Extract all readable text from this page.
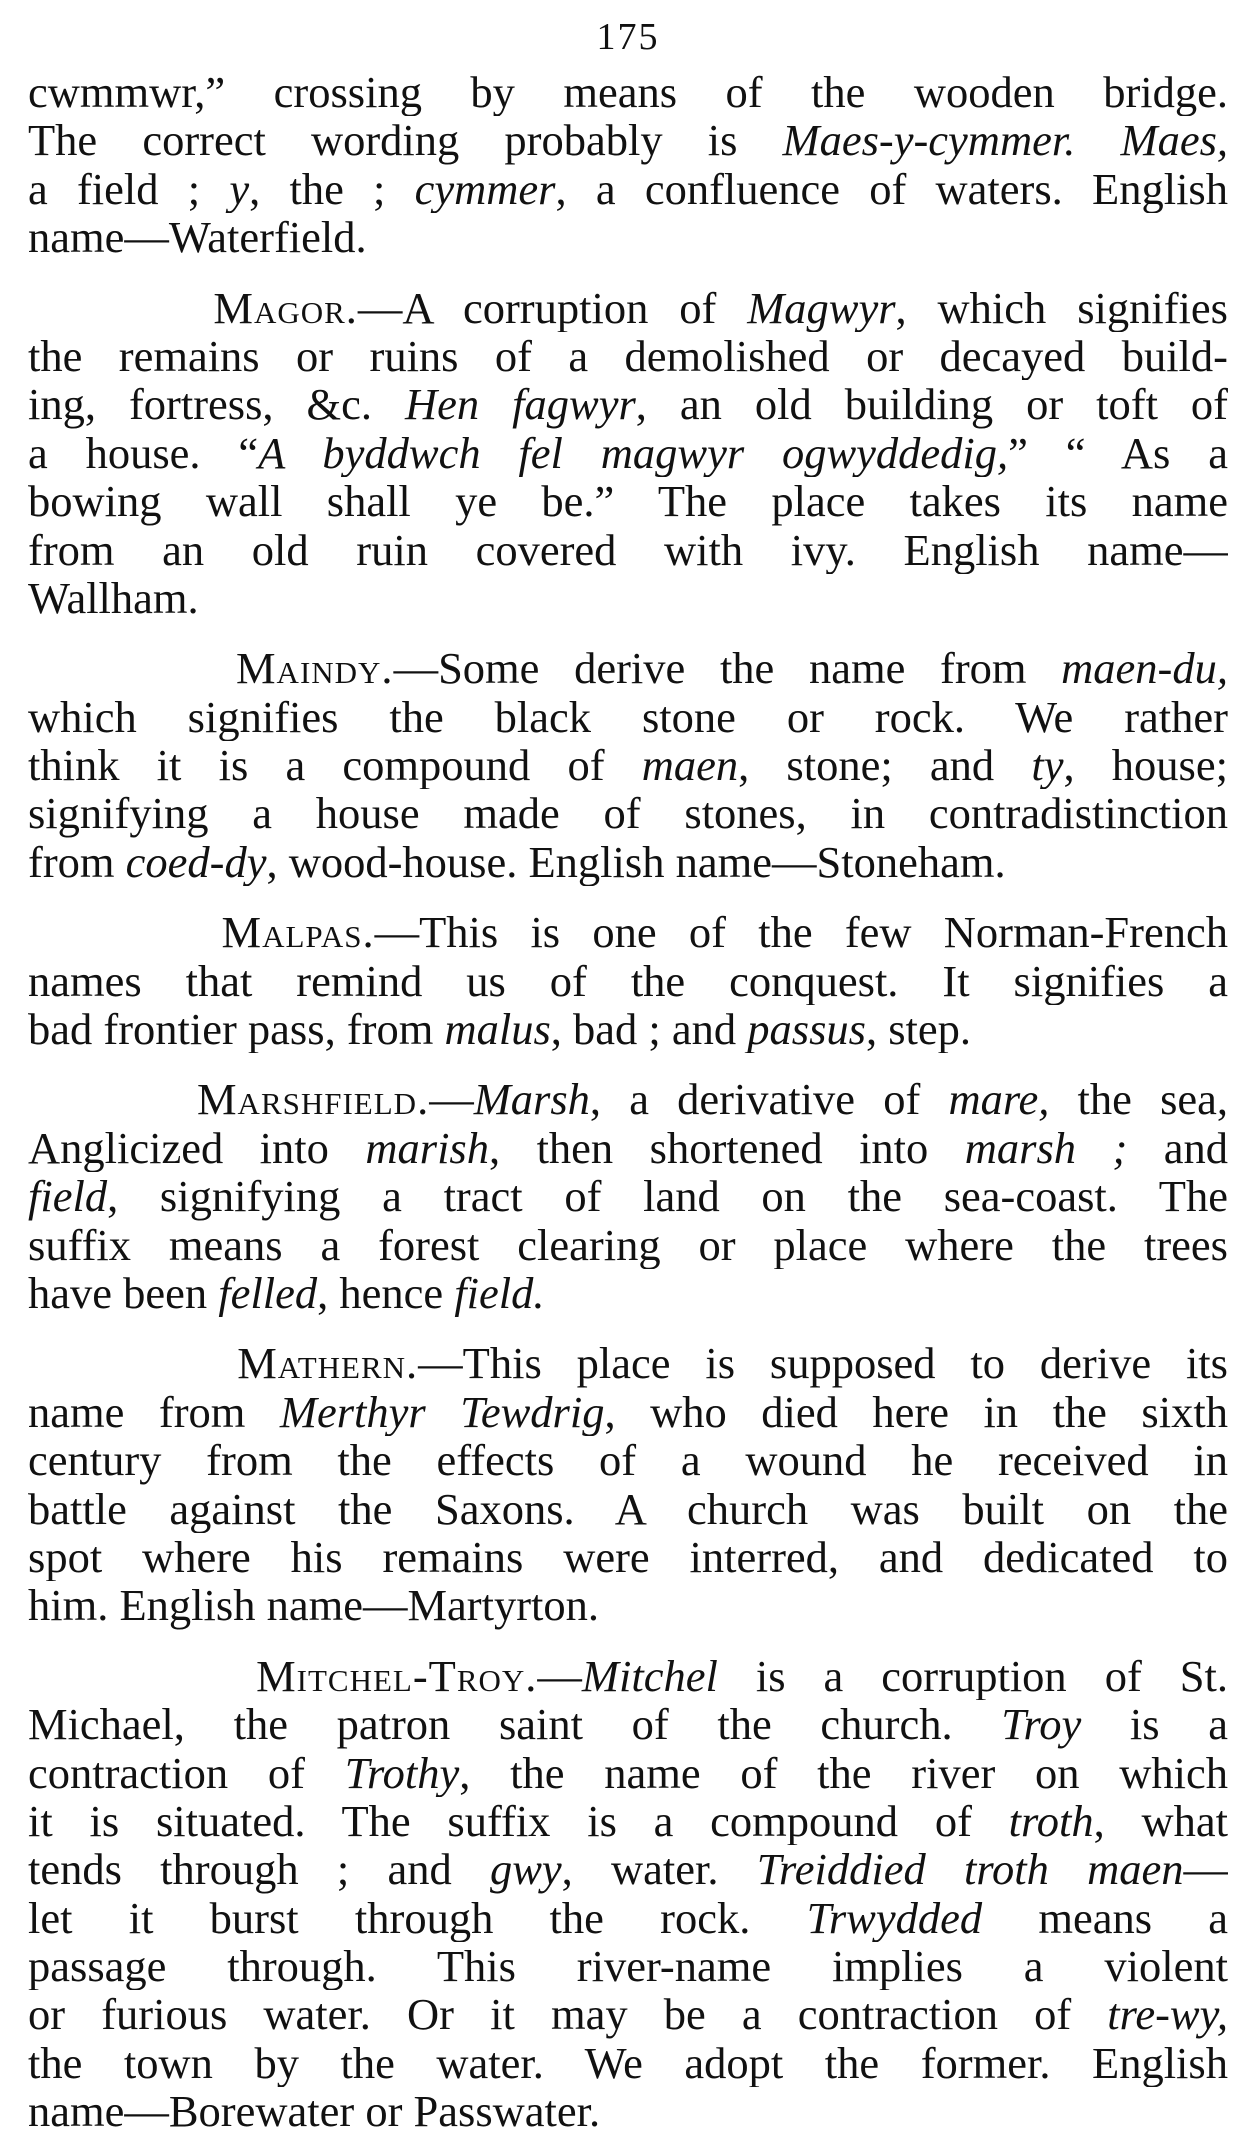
175
cwmmwr,” crossing by means of the wooden bridge.
The correct wording probably is Maes-y-cymmer. Maes,
a field ; y, the ; cymmer, a confluence of waters. English
name—Waterfield.
Magor.—A corruption of Magwyr, which signifies
the remains or ruins of a demolished or decayed build-
ing, fortress, &c. Hen fagwyr, an old building or toft of
a house. “A byddwch fel magwyr ogwyddedig,” “ As a
bowing wall shall ye be.” The place takes its name
from an old ruin covered with ivy. English name—
Wallham.
Maindy.—Some derive the name from maen-du,
which signifies the black stone or rock. We rather
think it is a compound of maen, stone; and ty, house;
signifying a house made of stones, in contradistinction
from coed-dy, wood-house. English name—Stoneham.
Malpas.—This is one of the few Norman-French
names that remind us of the conquest. It signifies a
bad frontier pass, from malus, bad ; and passus, step.
Marshfield.—Marsh, a derivative of mare, the sea,
Anglicized into marish, then shortened into marsh ; and
field, signifying a tract of land on the sea-coast. The
suffix means a forest clearing or place where the trees
have been felled, hence field.
Mathern.—This place is supposed to derive its
name from Merthyr Tewdrig, who died here in the sixth
century from the effects of a wound he received in
battle against the Saxons. A church was built on the
spot where his remains were interred, and dedicated to
him. English name—Martyrton.
Mitchel-Troy.—Mitchel is a corruption of St.
Michael, the patron saint of the church. Troy is a
contraction of Trothy, the name of the river on which
it is situated. The suffix is a compound of troth, what
tends through ; and gwy, water. Treiddied troth maen—
let it burst through the rock. Trwydded means a
passage through. This river-name implies a violent
or furious water. Or it may be a contraction of tre-wy,
the town by the water. We adopt the former. English
name—Borewater or Passwater.
